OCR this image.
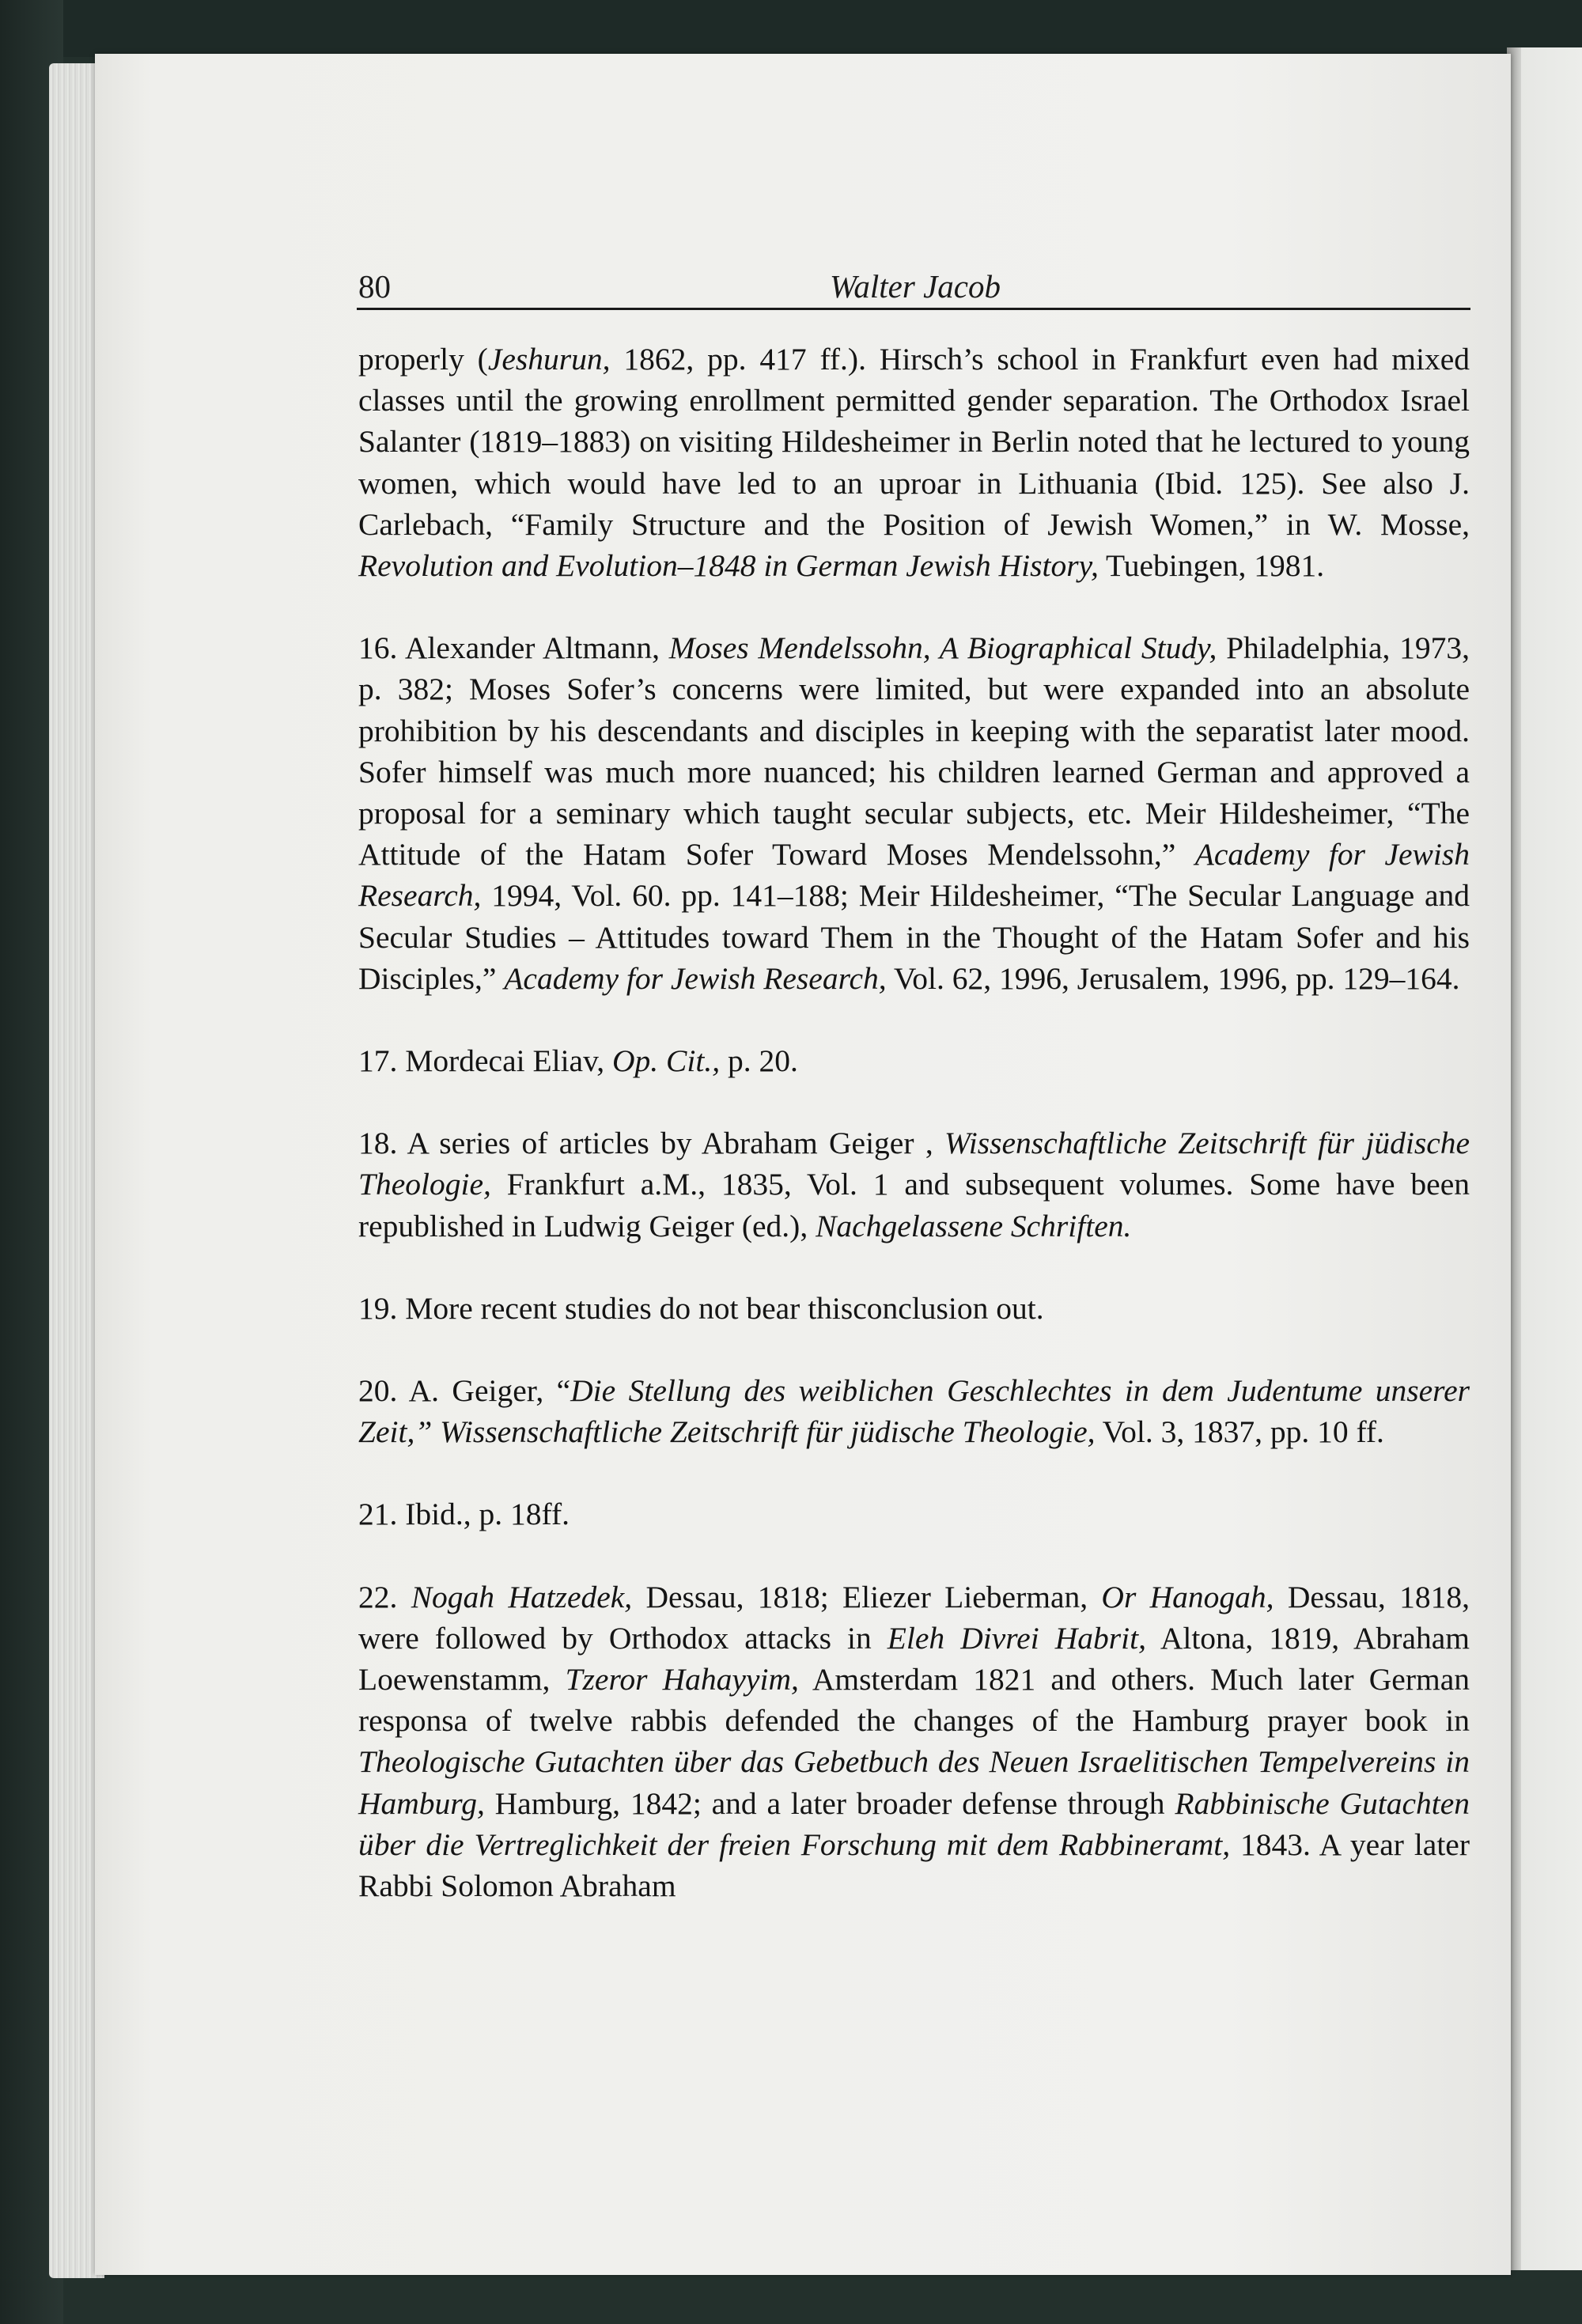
80	Walter Jacob

properly (Jeshurun, 1862, pp. 417 ff.). Hirsch’s school in Frankfurt even had mixed classes until the growing enrollment permitted gender separation. The Orthodox Israel Salanter (1819–1883) on visiting Hildesheimer in Berlin noted that he lectured to young women, which would have led to an uproar in Lithuania (Ibid. 125). See also J. Carlebach, “Family Structure and the Position of Jewish Women,” in W. Mosse, Revolution and Evolution–1848 in German Jewish History, Tuebingen, 1981.

16. Alexander Altmann, Moses Mendelssohn, A Biographical Study, Philadelphia, 1973, p. 382; Moses Sofer’s concerns were limited, but were expanded into an absolute prohibition by his descendants and disciples in keeping with the separatist later mood. Sofer himself was much more nuanced; his children learned German and approved a proposal for a seminary which taught secular subjects, etc. Meir Hildesheimer, “The Attitude of the Hatam Sofer Toward Moses Mendelssohn,” Academy for Jewish Research, 1994, Vol. 60. pp. 141–188; Meir Hildesheimer, “The Secular Language and Secular Studies – Attitudes toward Them in the Thought of the Hatam Sofer and his Disciples,” Academy for Jewish Research, Vol. 62, 1996, Jerusalem, 1996, pp. 129–164.

17. Mordecai Eliav, Op. Cit., p. 20.

18. A series of articles by Abraham Geiger , Wissenschaftliche Zeitschrift für jüdische Theologie, Frankfurt a.M., 1835, Vol. 1 and subsequent volumes. Some have been republished in Ludwig Geiger (ed.), Nachgelassene Schriften.

19. More recent studies do not bear thisconclusion out.

20. A. Geiger, “Die Stellung des weiblichen Geschlechtes in dem Judentume unserer Zeit,” Wissenschaftliche Zeitschrift für jüdische Theologie, Vol. 3, 1837, pp. 10 ff.

21. Ibid., p. 18ff.

22. Nogah Hatzedek, Dessau, 1818; Eliezer Lieberman, Or Hanogah, Dessau, 1818, were followed by Orthodox attacks in Eleh Divrei Habrit, Altona, 1819, Abraham Loewenstamm, Tzeror Hahayyim, Amsterdam 1821 and others. Much later German responsa of twelve rabbis defended the changes of the Hamburg prayer book in Theologische Gutachten über das Gebetbuch des Neuen Israelitischen Tempelvereins in Hamburg, Hamburg, 1842; and a later broader defense through Rabbinische Gutachten über die Vertreglichkeit der freien Forschung mit dem Rabbineramt, 1843. A year later Rabbi Solomon Abraham
